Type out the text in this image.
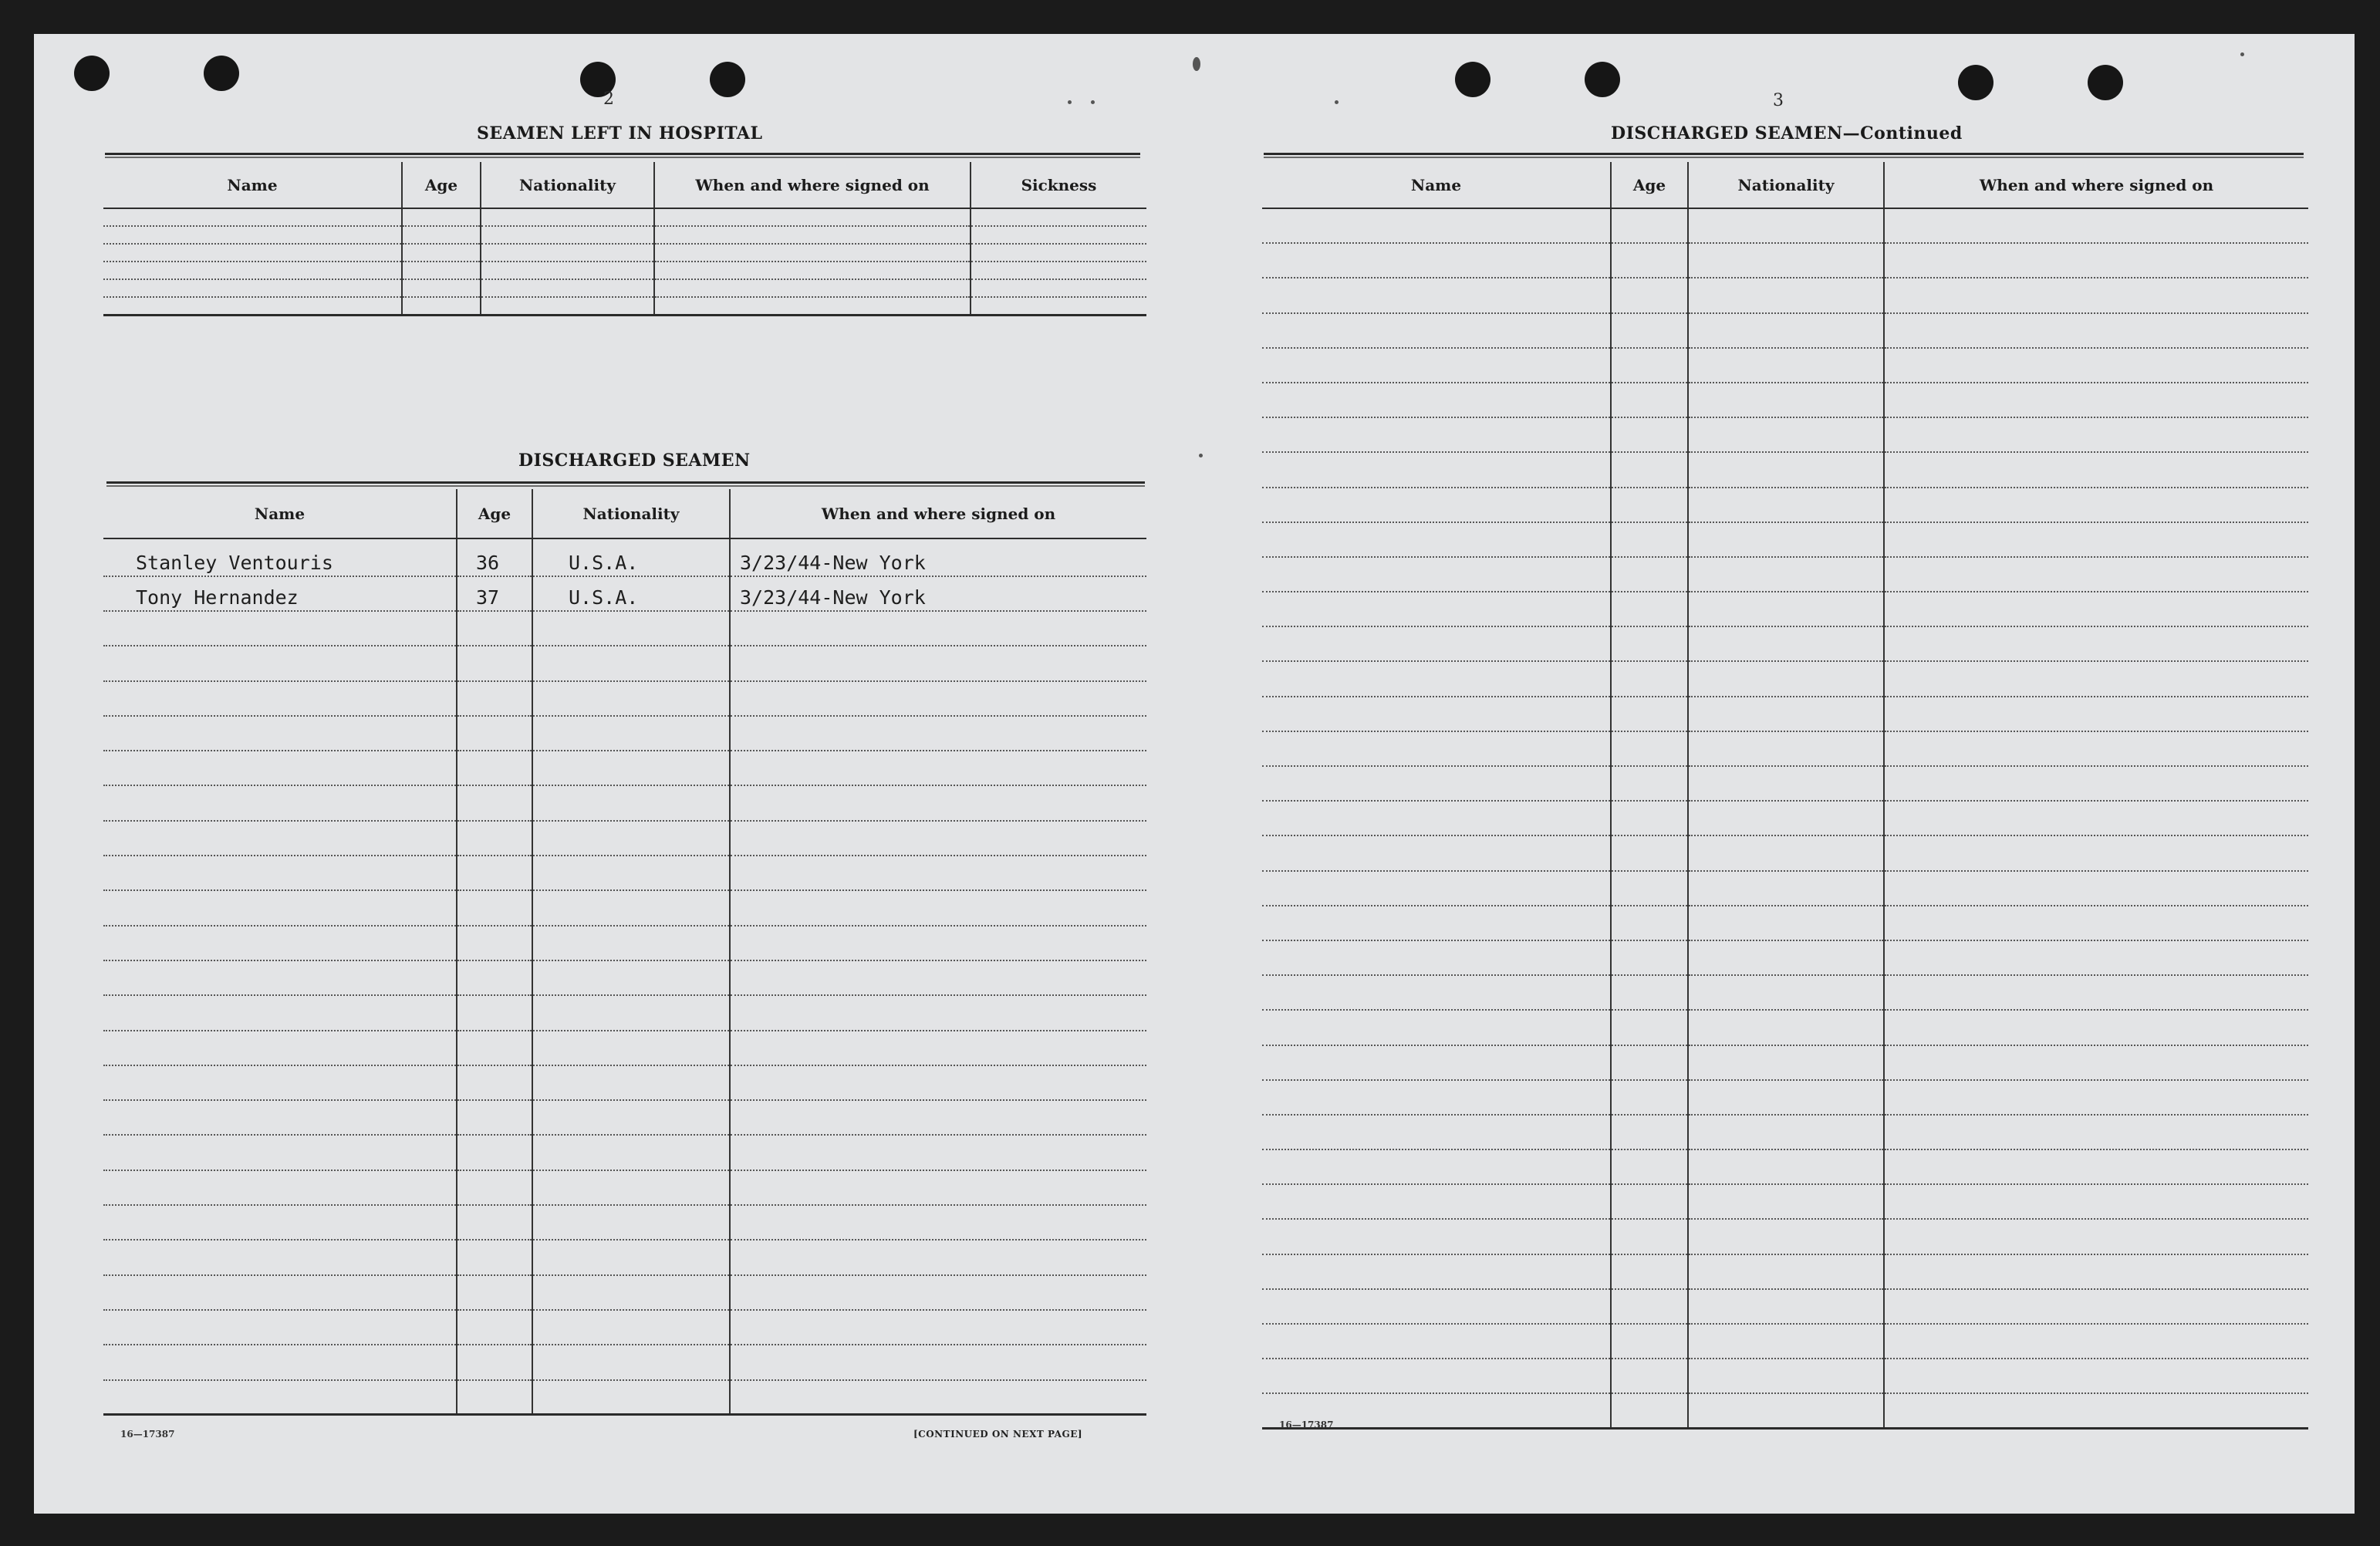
2
SEAMEN LEFT IN HOSPITAL
Name	Age	Nationality	When and where signed on	Sickness

DISCHARGED SEAMEN
Name	Age	Nationality	When and where signed on
Stanley Ventouris	36	U.S.A.	3/23/44-New York
Tony Hernandez	37	U.S.A.	3/23/44-New York

16—17387	[CONTINUED ON NEXT PAGE]
3
DISCHARGED SEAMEN—Continued
Name	Age	Nationality	When and where signed on

16—17387
